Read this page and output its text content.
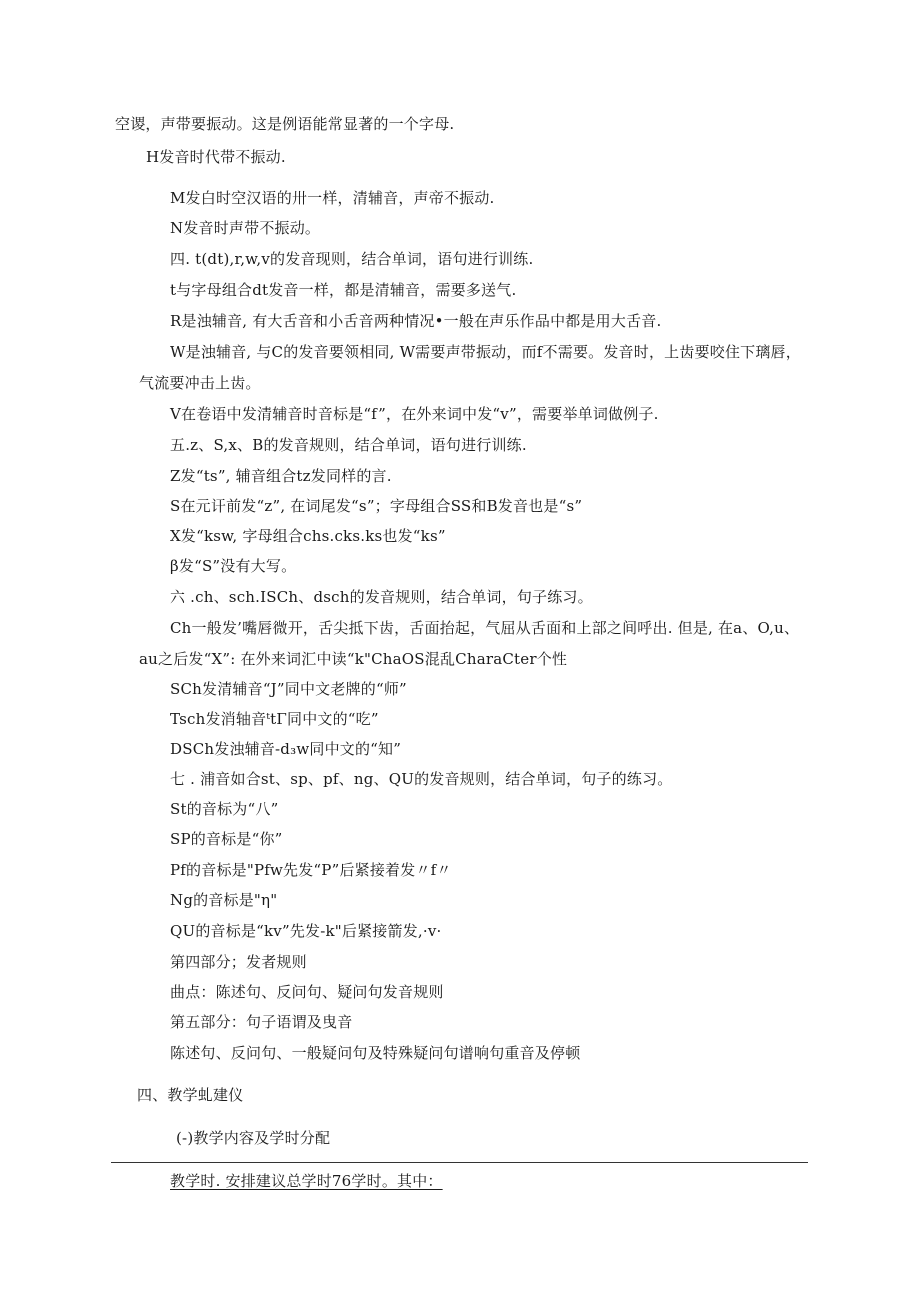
空谡，声带要振动。这是例语能常显著的一个字母.
H发音时代带不振动.
M发白时空汉语的卅一样，清辅音，声帝不振动.
N发音时声带不振动。
四. t(dt),r,w,v的发音现则，结合单词，语句进行训练.
t与字母组合dt发音一样，都是清辅音，需要多送气.
R是浊辅音, 有大舌音和小舌音两种情况•一般在声乐作品中都是用大舌音.
W是浊辅音, 与C的发音要领相同, W需要声带振动，而f不需要。发音时，上齿要咬住下璃唇，
气流要冲击上齿。
V在卷语中发清辅音时音标是“f”，在外来词中发“v”，需要举单词做例子.
五.z、S,x、B的发音规则，结合单词，语句进行训练.
Z发“ts”, 辅音组合tz发同样的言.
S在元讦前发“z”, 在词尾发“s”；字母组合SS和B发音也是“s”
X发“ksw, 字母组合chs.cks.ks也发“ks”
β发“S”没有大写。
六 .ch、sch.ISCh、dsch的发音规则，结合单词，句子练习。
Ch一般发’嘴唇微开，舌尖抵下齿，舌面抬起，气屈从舌面和上部之间呼出. 但是, 在a、O,u、
au之后发“X”: 在外来词汇中读“k"ChaOS混乱CharaCter个性
SCh发清辅音“J”同中文老牌的“师”
Tsch发消轴音ᵗtΓ同中文的“吃”
DSCh发浊辅音-d₃w同中文的“知”
七 . 浦音如合st、sp、pf、ng、QU的发音规则，结合单词，句子的练习。
St的音标为“八”
SP的音标是“你”
Pf的音标是"Pfw先发“P”后紧接着发〃f〃
Ng的音标是"η"
QU的音标是“kv”先发-k"后紧接箭发,·v·
第四部分；发者规则
曲点：陈述句、反问句、疑问句发音规则
第五部分：句子语谓及曳音
陈述句、反问句、一般疑问句及特殊疑问句谱响句重音及停顿
四、教学虬建仪
(-)教学内容及学时分配
教学时. 安排建议总学时76学时。其中：
